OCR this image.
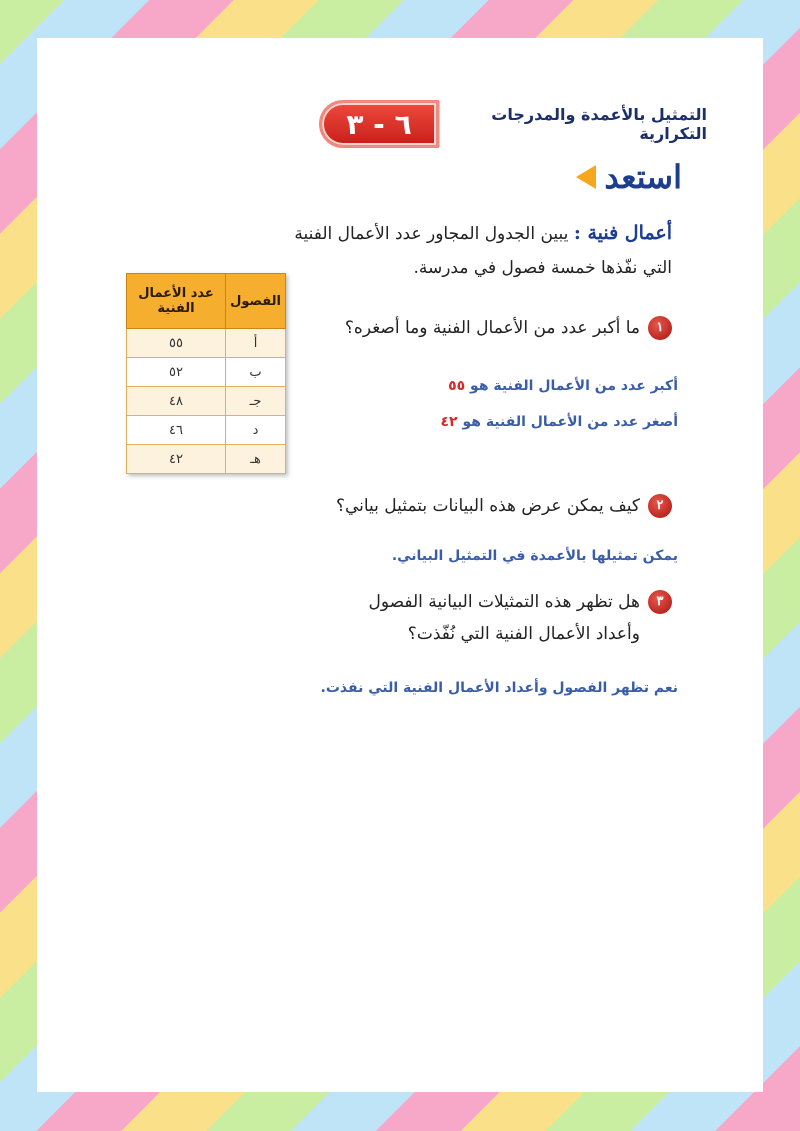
التمثيل بالأعمدة والمدرجات التكرارية
٦ - ٣
استعد
أعمال فنية : يبين الجدول المجاور عدد الأعمال الفنية التي نفّذها خمسة فصول في مدرسة.
الفصول	عدد الأعمال الفنية
أ	٥٥
ب	٥٢
جـ	٤٨
د	٤٦
هـ	٤٢
١
ما أكبر عدد من الأعمال الفنية وما أصغره؟
أكبر عدد من الأعمال الفنية هو ٥٥
أصغر عدد من الأعمال الفنية هو ٤٢
٢
كيف يمكن عرض هذه البيانات بتمثيل بياني؟
يمكن تمثيلها بالأعمدة في التمثيل البياني.
٣
هل تظهر هذه التمثيلات البيانية الفصول وأعداد الأعمال الفنية التي نُفّذت؟
نعم تظهر الفصول وأعداد الأعمال الفنية التي نفذت.
